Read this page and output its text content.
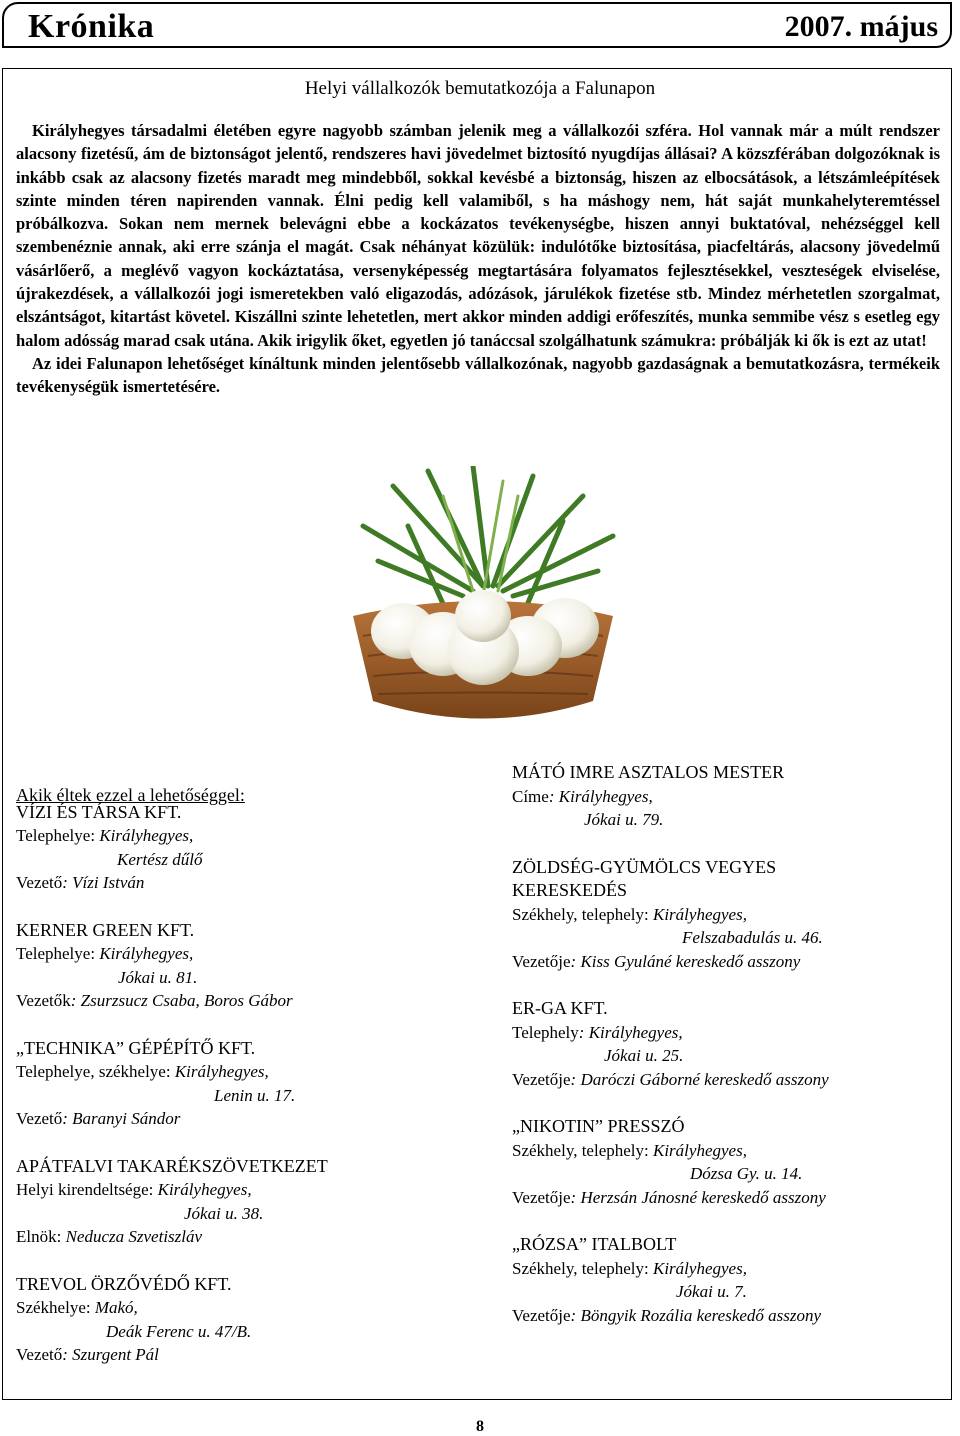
Krónika	2007. május
Helyi vállalkozók bemutatkozója a Falunapon

Királyhegyes társadalmi életében egyre nagyobb számban jelenik meg a vállalkozói szféra. Hol vannak már a múlt rendszer alacsony fizetésű, ám de biztonságot jelentő, rendszeres havi jövedelmet biztosító nyugdíjas állásai? A közszférában dolgozóknak is inkább csak az alacsony fizetés maradt meg mindebből, sokkal kevésbé a biztonság, hiszen az elbocsátások, a létszámleépítések szinte minden téren napirenden vannak. Élni pedig kell valamiből, s ha máshogy nem, hát saját munkahelyteremtéssel próbálkozva. Sokan nem mernek belevágni ebbe a kockázatos tevékenységbe, hiszen annyi buktatóval, nehézséggel kell szembenéznie annak, aki erre szánja el magát. Csak néhányat közülük: indulótőke biztosítása, piacfeltárás, alacsony jövedelmű vásárlőerő, a meglévő vagyon kockáztatása, versenyképesség megtartására folyamatos fejlesztésekkel, veszteségek elviselése, újrakezdések, a vállalkozói jogi ismeretekben való eligazodás, adózások, járulékok fizetése stb. Mindez mérhetetlen szorgalmat, elszántságot, kitartást követel. Kiszállni szinte lehetetlen, mert akkor minden addigi erőfeszítés, munka semmibe vész s esetleg egy halom adósság marad csak utána. Akik irigylik őket, egyetlen jó tanáccsal szolgálhatunk számukra: próbálják ki ők is ezt az utat!

Az idei Falunapon lehetőséget kínáltunk minden jelentősebb vállalkozónak, nagyobb gazdaságnak a bemutatkozásra, termékeik tevékenységük ismertetésére.

Akik éltek ezzel a lehetőséggel:
VÍZI ÉS TÁRSA KFT.
Telephelye: Királyhegyes,
Kertész dűlő
Vezető: Vízi István
KERNER GREEN KFT.
Telephelye: Királyhegyes,
Jókai u. 81.
Vezetők: Zsurzsucz Csaba, Boros Gábor
„TECHNIKA” GÉPÉPÍTŐ KFT.
Telephelye, székhelye: Királyhegyes,
Lenin u. 17.
Vezető: Baranyi Sándor
APÁTFALVI TAKARÉKSZÖVETKEZET
Helyi kirendeltsége: Királyhegyes,
Jókai u. 38.
Elnök: Neducza Szvetiszláv
TREVOL ÖRZŐVÉDŐ KFT.
Székhelye: Makó,
Deák Ferenc u. 47/B.
Vezető: Szurgent Pál
MÁTÓ IMRE ASZTALOS MESTER
Címe: Királyhegyes,
Jókai u. 79.
ZÖLDSÉG-GYÜMÖLCS VEGYES KERESKEDÉS
Székhely, telephely: Királyhegyes,
Felszabadulás u. 46.
Vezetője: Kiss Gyuláné kereskedő asszony
ER-GA KFT.
Telephely: Királyhegyes,
Jókai u. 25.
Vezetője: Daróczi Gáborné kereskedő asszony
„NIKOTIN” PRESSZÓ
Székhely, telephely: Királyhegyes,
Dózsa Gy. u. 14.
Vezetője: Herzsán Jánosné kereskedő asszony
„RÓZSA” ITALBOLT
Székhely, telephely: Királyhegyes,
Jókai u. 7.
Vezetője: Böngyik Rozália kereskedő asszony
8
